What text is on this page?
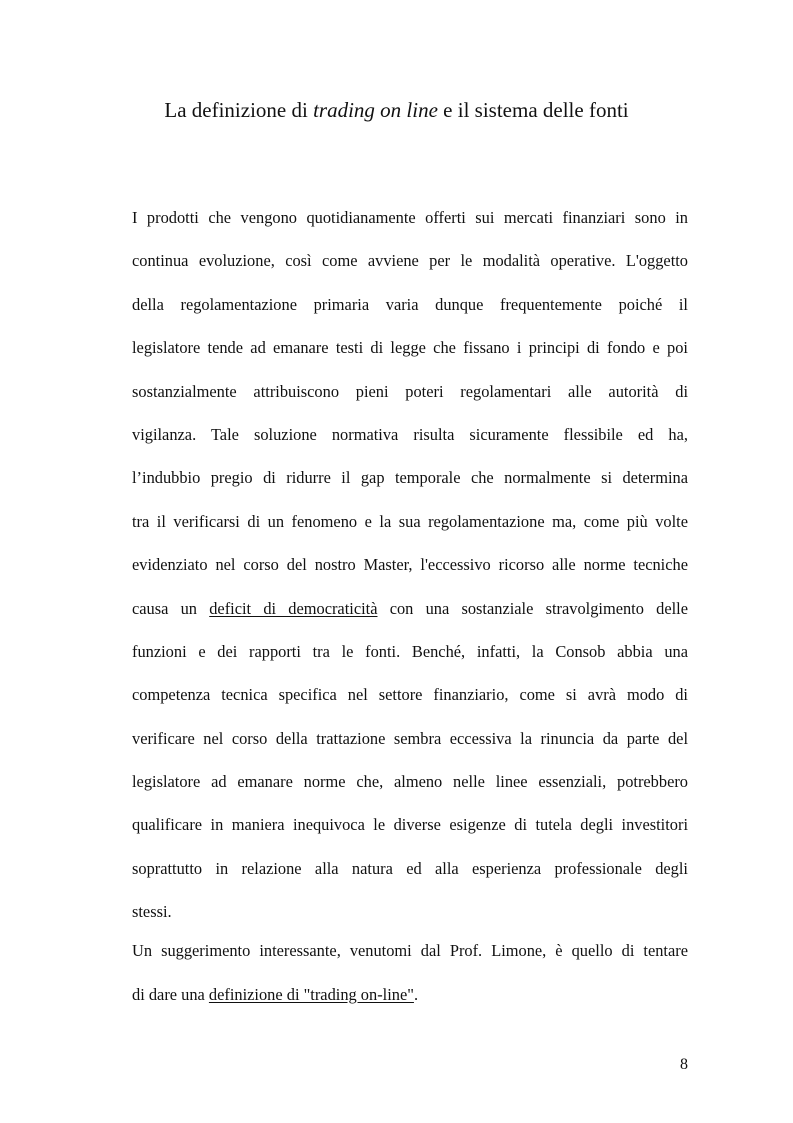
La definizione di trading on line e il sistema delle fonti
I prodotti che vengono quotidianamente offerti sui mercati finanziari sono in
continua evoluzione, così come avviene per le modalità operative. L'oggetto
della regolamentazione primaria varia dunque frequentemente poiché il
legislatore tende ad emanare testi di legge che fissano i principi di fondo e poi
sostanzialmente attribuiscono pieni poteri regolamentari alle autorità di
vigilanza. Tale soluzione normativa risulta sicuramente flessibile ed ha,
l’indubbio pregio di ridurre il gap temporale che normalmente si determina
tra il verificarsi di un fenomeno e la sua regolamentazione ma, come più volte
evidenziato nel corso del nostro Master, l'eccessivo ricorso alle norme tecniche
causa un deficit di democraticità con una sostanziale stravolgimento delle
funzioni e dei rapporti tra le fonti. Benché, infatti, la Consob abbia una
competenza tecnica specifica nel settore finanziario, come si avrà modo di
verificare nel corso della trattazione sembra eccessiva la rinuncia da parte del
legislatore ad emanare norme che, almeno nelle linee essenziali, potrebbero
qualificare in maniera inequivoca le diverse esigenze di tutela degli investitori
soprattutto in relazione alla natura ed alla esperienza professionale degli
stessi.
Un suggerimento interessante, venutomi dal Prof. Limone, è quello di tentare
di dare una definizione di "trading on-line".
8
